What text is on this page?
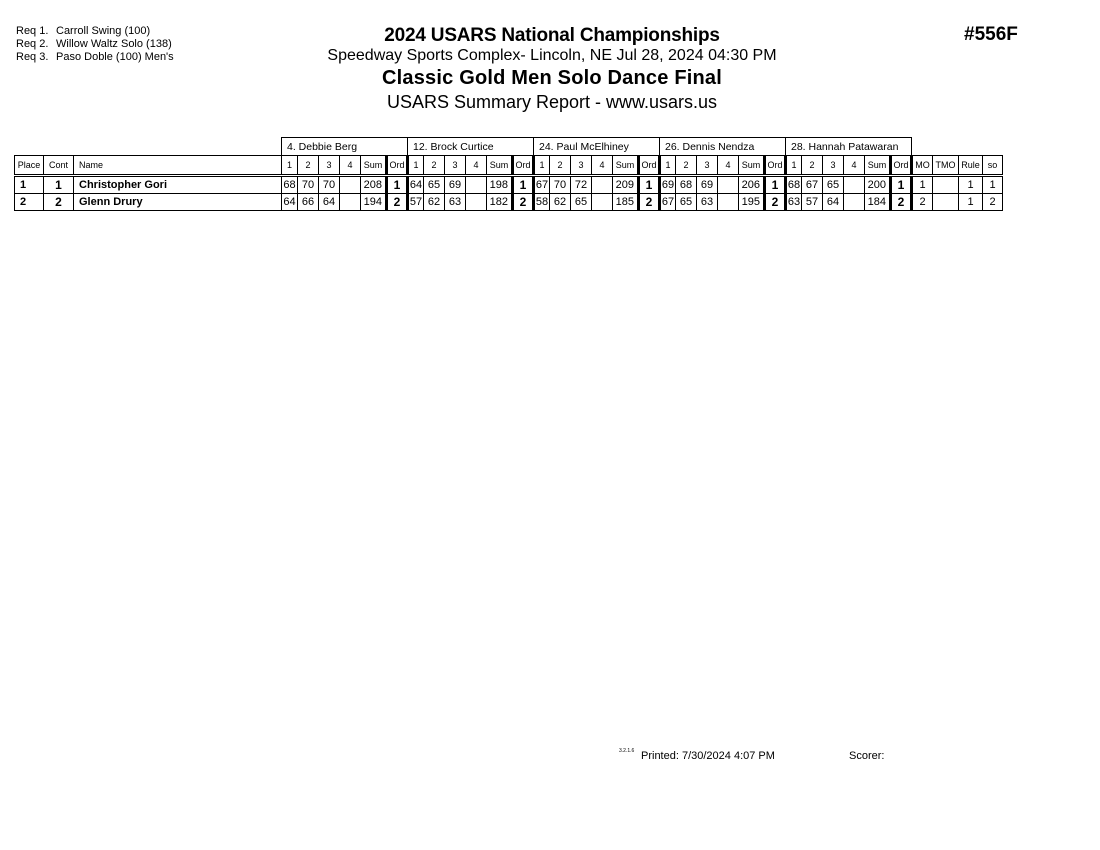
Req 1. Carroll Swing (100)
Req 2. Willow Waltz Solo (138)
Req 3. Paso Doble (100) Men's
2024 USARS National Championships
Speedway Sports Complex- Lincoln, NE Jul 28, 2024 04:30 PM
Classic Gold Men Solo Dance Final
USARS Summary Report - www.usars.us
#556F
			4. Debbie Berg						12. Brock Curtice						24. Paul McElhiney						26. Dennis Nendza						28. Hannah Patawaran									
Place	Cont	Name	1	2	3	4	Sum	Ord	1	2	3	4	Sum	Ord	1	2	3	4	Sum	Ord	1	2	3	4	Sum	Ord	1	2	3	4	Sum	Ord	MO	TMO	Rule	so
1	1	Christopher Gori	68	70	70		208	1	64	65	69		198	1	67	70	72		209	1	69	68	69		206	1	68	67	65		200	1	1		1	1
2	2	Glenn Drury	64	66	64		194	2	57	62	63		182	2	58	62	65		185	2	67	65	63		195	2	63	57	64		184	2	2		1	2
3.2.1.6 Printed: 7/30/2024 4:07 PM	Scorer:
